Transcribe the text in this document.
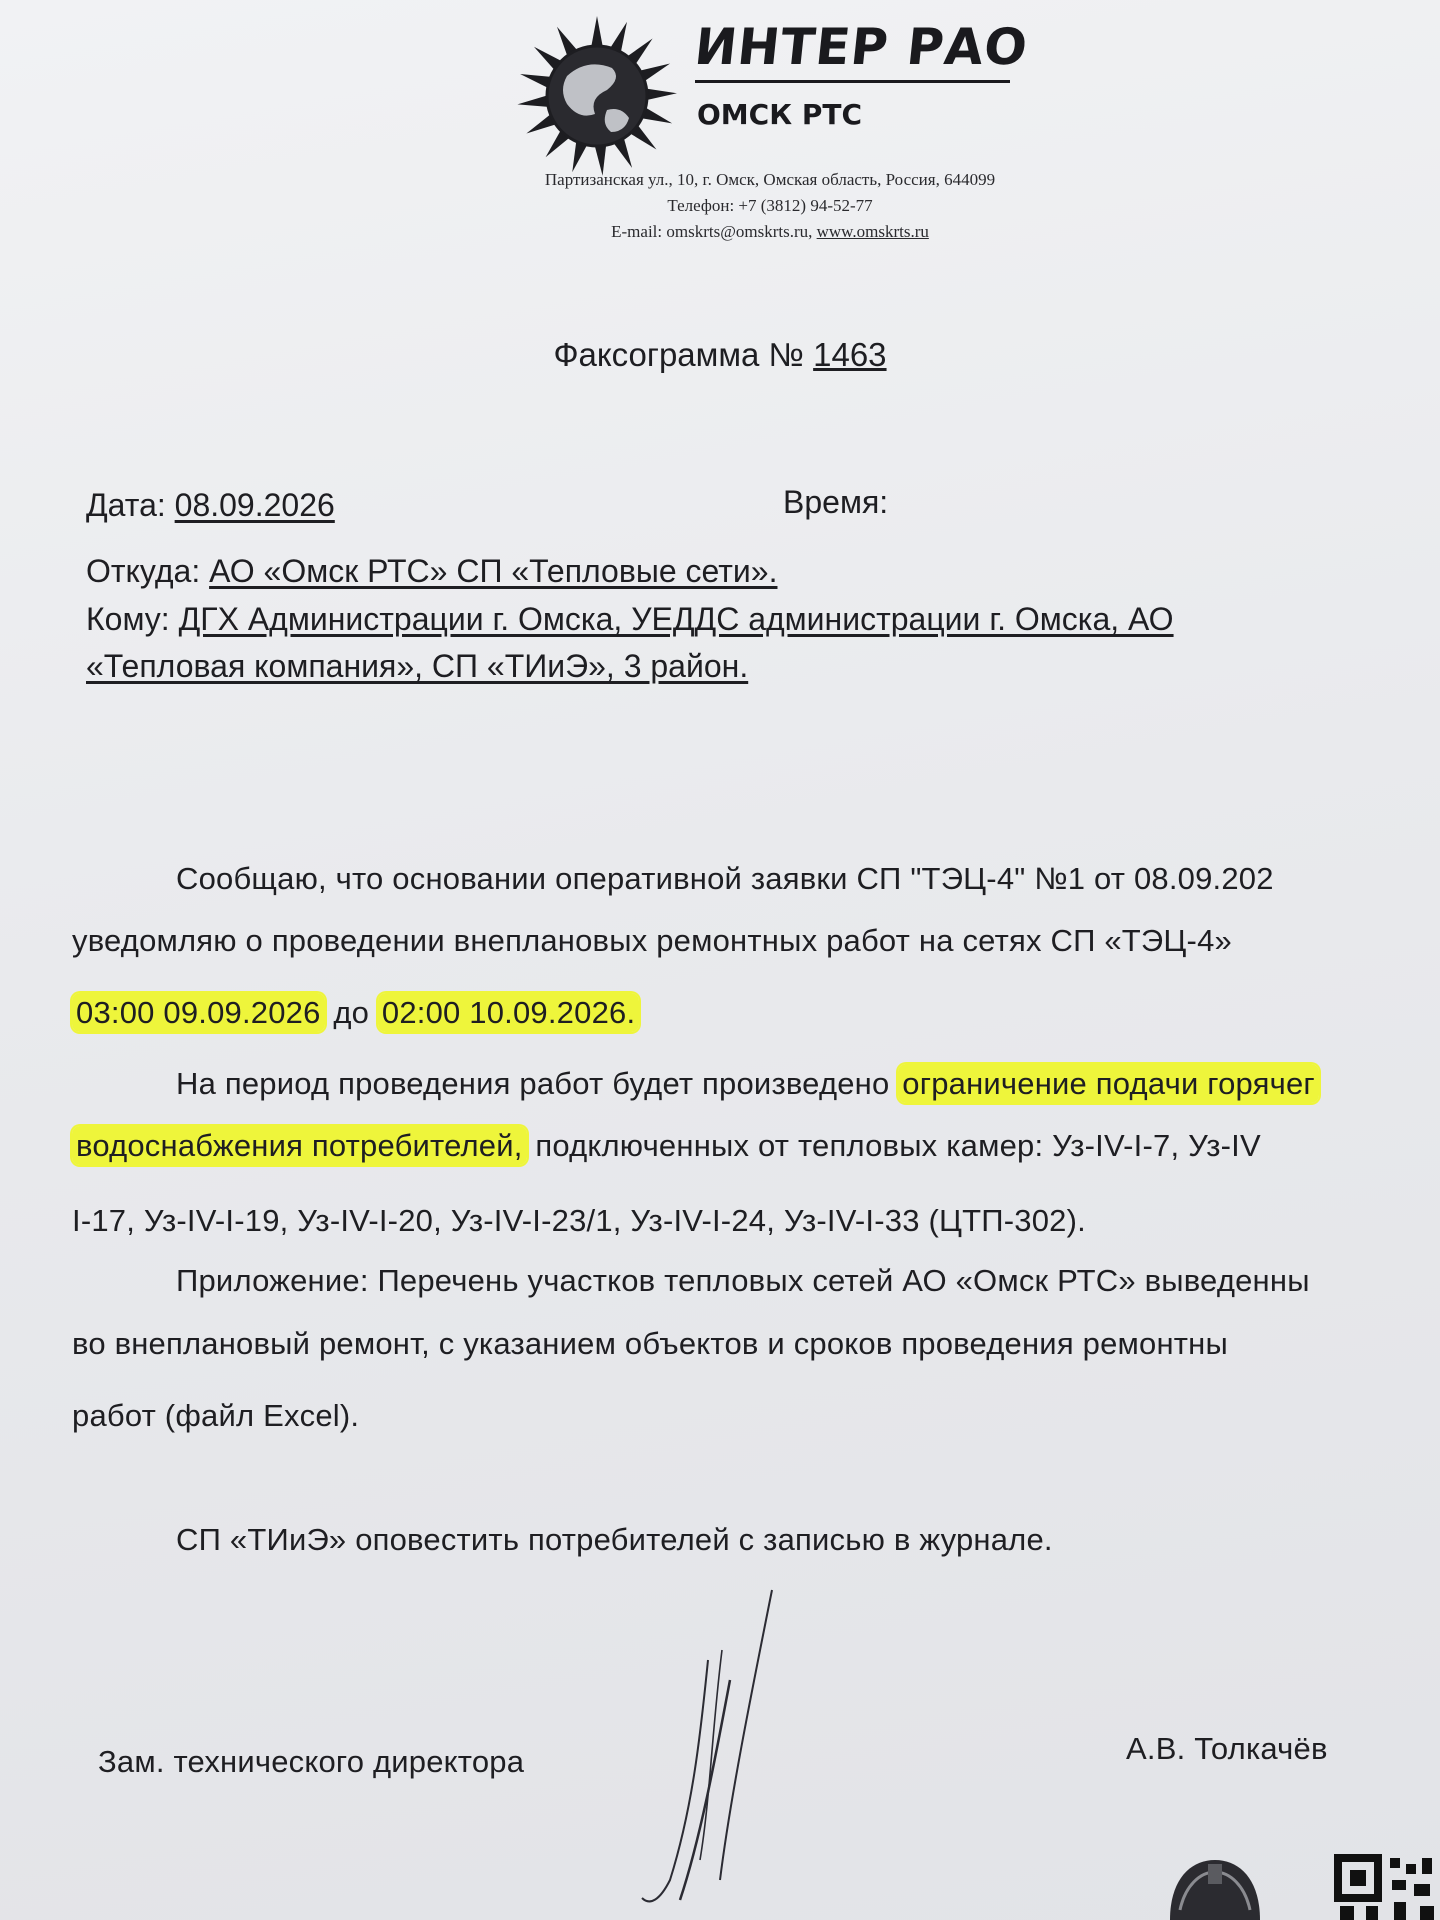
ИНТЕР РАО
ОМСК РТС
Партизанская ул., 10, г. Омск, Омская область, Россия, 644099
Телефон: +7 (3812) 94-52-77
E-mail: omskrts@omskrts.ru, www.omskrts.ru
Факсограмма № 1463
Дата: 08.09.2026	Время:
Откуда: АО «Омск РТС» СП «Тепловые сети».
Кому: ДГХ Администрации г. Омска, УЕДДС администрации г. Омска, АО
«Тепловая компания», СП «ТИиЭ», 3 район.
Сообщаю, что основании оперативной заявки СП "ТЭЦ-4" №1 от 08.09.202
уведомляю о проведении внеплановых ремонтных работ на сетях СП «ТЭЦ-4»
03:00 09.09.2026 до 02:00 10.09.2026.
На период проведения работ будет произведено ограничение подачи горячег
водоснабжения потребителей, подключенных от тепловых камер: Уз-IV-I-7, Уз-IV
I-17, Уз-IV-I-19, Уз-IV-I-20, Уз-IV-I-23/1, Уз-IV-I-24, Уз-IV-I-33 (ЦТП-302).
Приложение: Перечень участков тепловых сетей АО «Омск РТС» выведенны
во внеплановый ремонт, с указанием объектов и сроков проведения ремонтны
работ (файл Excel).
СП «ТИиЭ» оповестить потребителей с записью в журнале.
Зам. технического директора	А.В. Толкачёв
